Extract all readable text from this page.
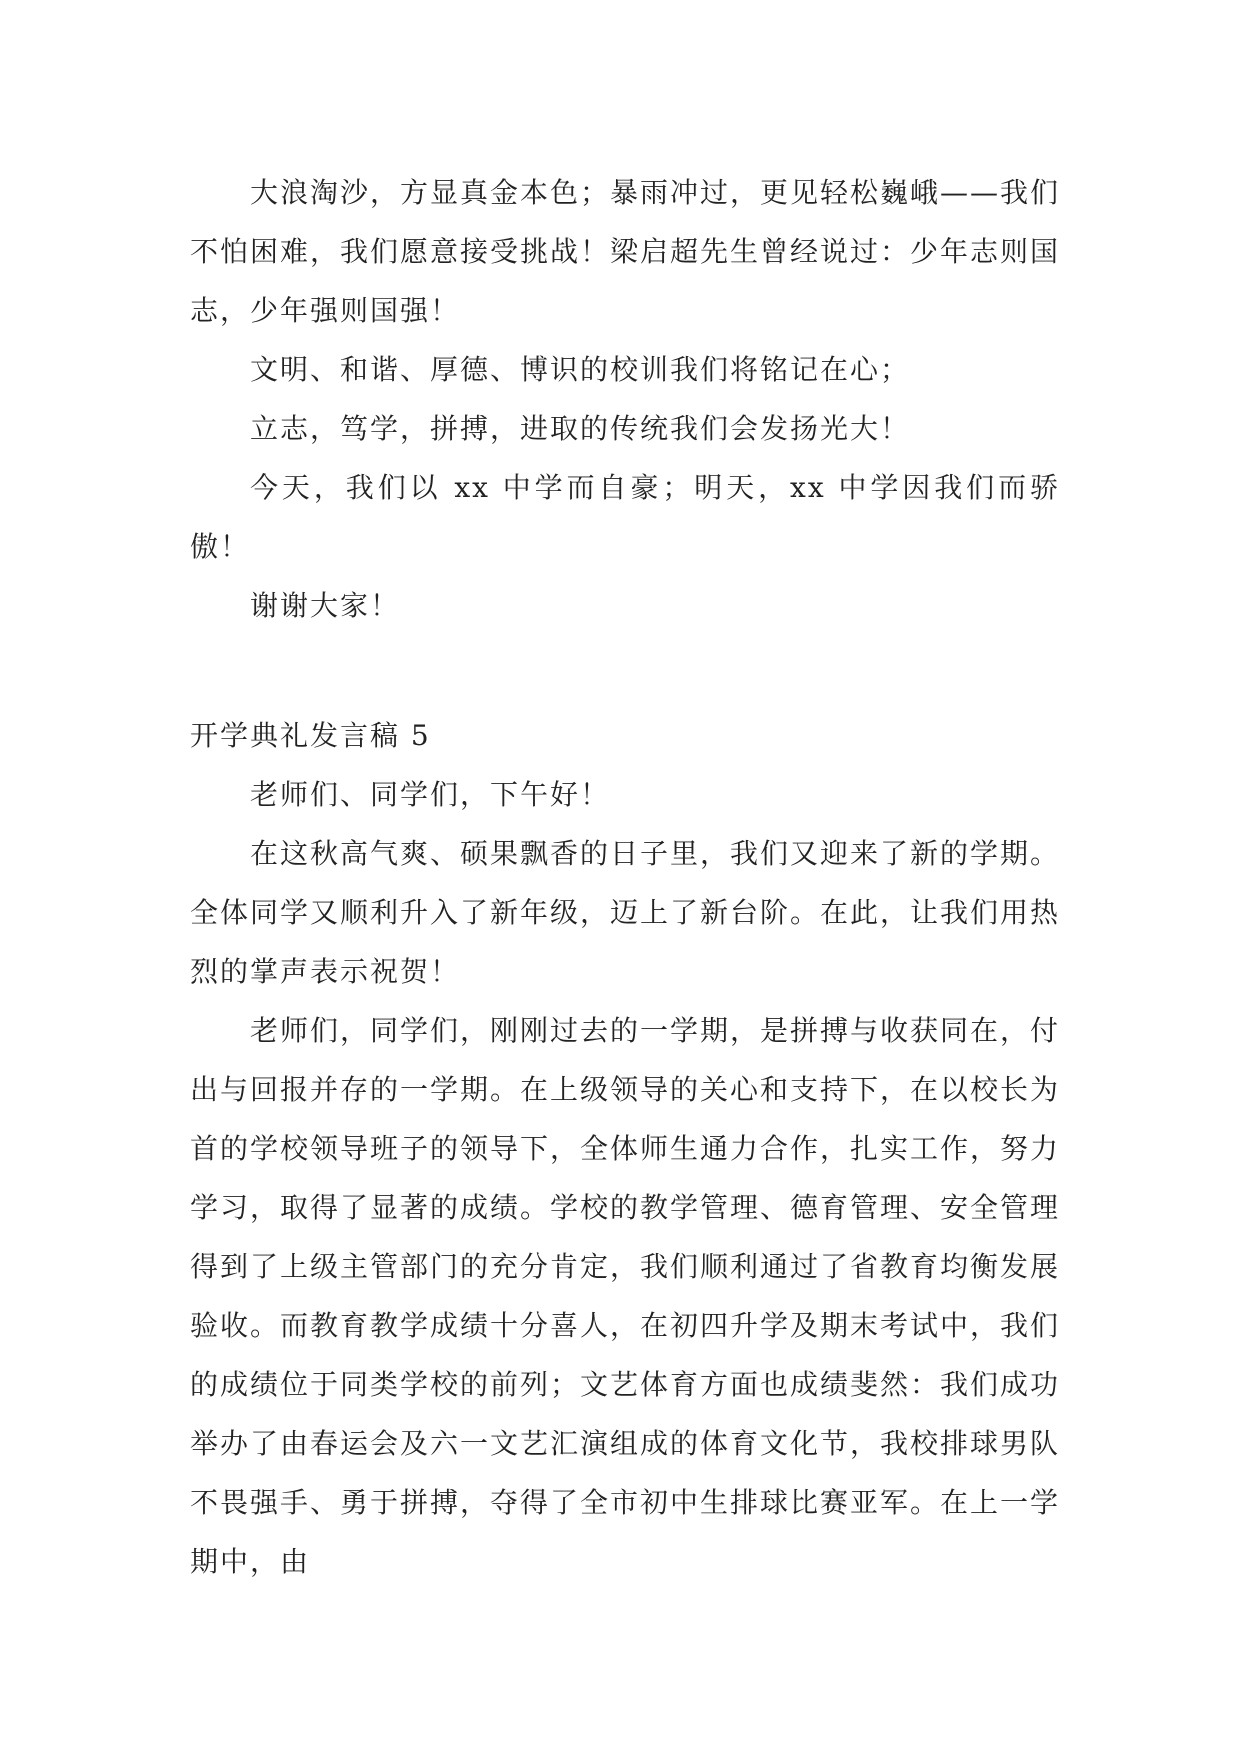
大浪淘沙，方显真金本色；暴雨冲过，更见轻松巍峨——我们不怕困难，我们愿意接受挑战！梁启超先生曾经说过：少年志则国志，少年强则国强！

文明、和谐、厚德、博识的校训我们将铭记在心；

立志，笃学，拼搏，进取的传统我们会发扬光大！

今天，我们以 xx 中学而自豪；明天，xx 中学因我们而骄傲！

谢谢大家！

开学典礼发言稿 5

老师们、同学们，下午好！

在这秋高气爽、硕果飘香的日子里，我们又迎来了新的学期。全体同学又顺利升入了新年级，迈上了新台阶。在此，让我们用热烈的掌声表示祝贺！

老师们，同学们，刚刚过去的一学期，是拼搏与收获同在，付出与回报并存的一学期。在上级领导的关心和支持下，在以校长为首的学校领导班子的领导下，全体师生通力合作，扎实工作，努力学习，取得了显著的成绩。学校的教学管理、德育管理、安全管理得到了上级主管部门的充分肯定，我们顺利通过了省教育均衡发展验收。而教育教学成绩十分喜人，在初四升学及期末考试中，我们的成绩位于同类学校的前列；文艺体育方面也成绩斐然：我们成功举办了由春运会及六一文艺汇演组成的体育文化节，我校排球男队不畏强手、勇于拼搏，夺得了全市初中生排球比赛亚军。在上一学期中，由
